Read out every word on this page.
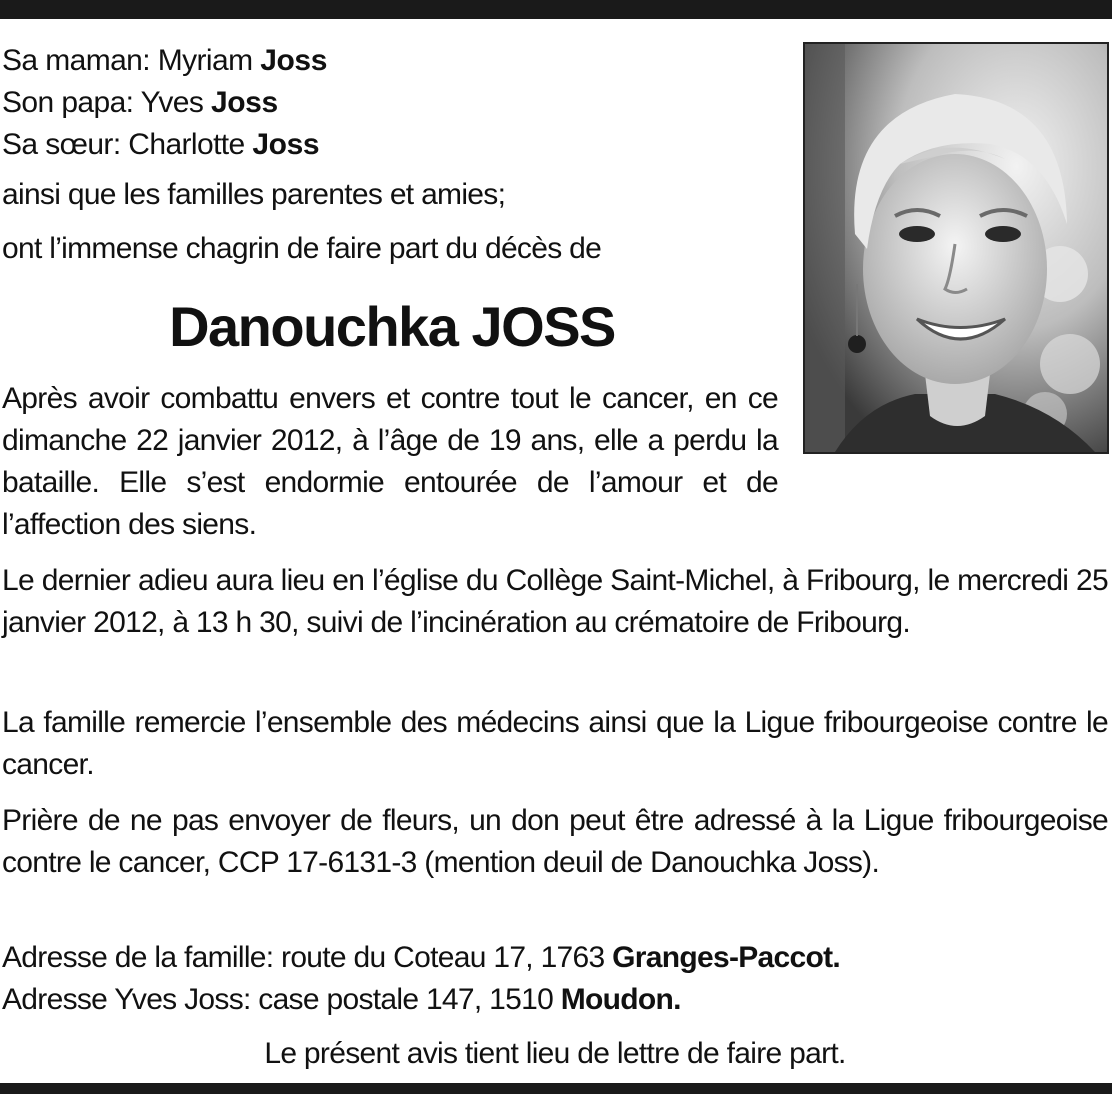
Sa maman: Myriam Joss
Son papa: Yves Joss
Sa sœur: Charlotte Joss

ainsi que les familles parentes et amies;

ont l’immense chagrin de faire part du décès de

Danouchka JOSS

Après avoir combattu envers et contre tout le cancer, en ce dimanche 22 janvier 2012, à l’âge de 19 ans, elle a perdu la bataille. Elle s’est endormie entourée de l’amour et de l’affection des siens.

Le dernier adieu aura lieu en l’église du Collège Saint-Michel, à Fribourg, le mercredi 25 janvier 2012, à 13 h 30, suivi de l’incinération au crématoire de Fribourg.

La famille remercie l’ensemble des médecins ainsi que la Ligue fribourgeoise contre le cancer.

Prière de ne pas envoyer de fleurs, un don peut être adressé à la Ligue fribourgeoise contre le cancer, CCP 17-6131-3 (mention deuil de Danouchka Joss).

Adresse de la famille: route du Coteau 17, 1763 Granges-Paccot.
Adresse Yves Joss: case postale 147, 1510 Moudon.

Le présent avis tient lieu de lettre de faire part.
